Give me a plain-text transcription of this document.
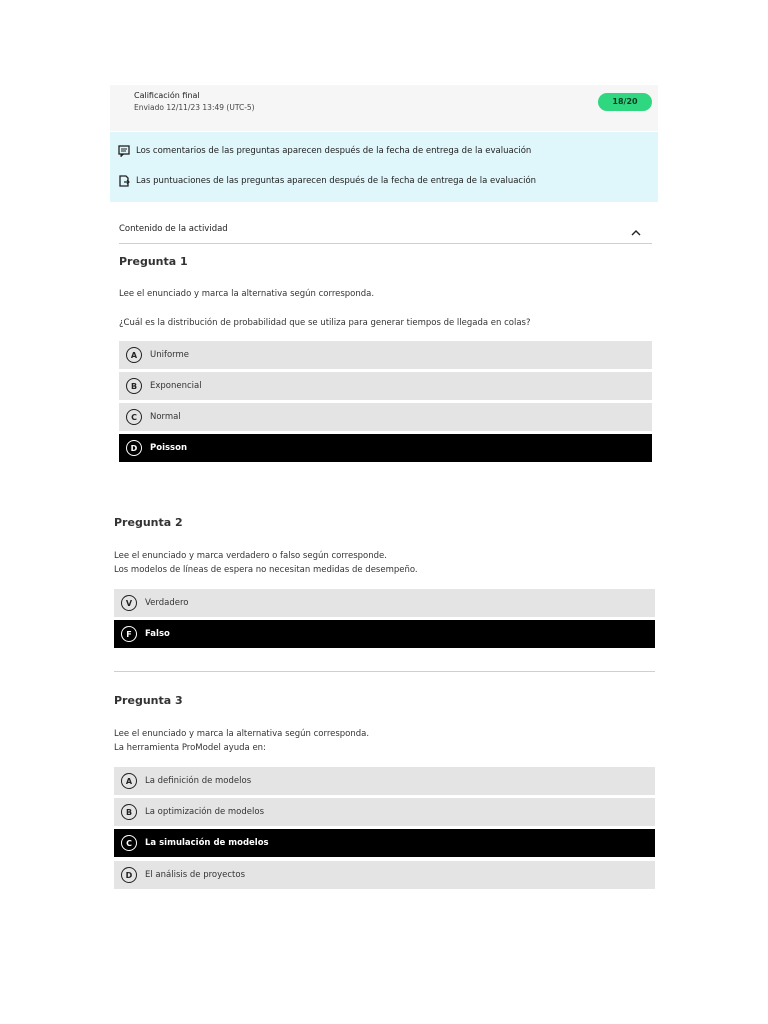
Calificación final
Enviado 12/11/23 13:49 (UTC-5)
18/20
Los comentarios de las preguntas aparecen después de la fecha de entrega de la evaluación
Las puntuaciones de las preguntas aparecen después de la fecha de entrega de la evaluación
Contenido de la actividad
Pregunta 1
Lee el enunciado y marca la alternativa según corresponda.
¿Cuál es la distribución de probabilidad que se utiliza para generar tiempos de llegada en colas?
A	Uniforme
B	Exponencial
C	Normal
D	Poisson
Pregunta 2
Lee el enunciado y marca verdadero o falso según corresponde.
Los modelos de líneas de espera no necesitan medidas de desempeño.
V	Verdadero
F	Falso
Pregunta 3
Lee el enunciado y marca la alternativa según corresponda.
La herramienta ProModel ayuda en:
A	La definición de modelos
B	La optimización de modelos
C	La simulación de modelos
D	El análisis de proyectos
